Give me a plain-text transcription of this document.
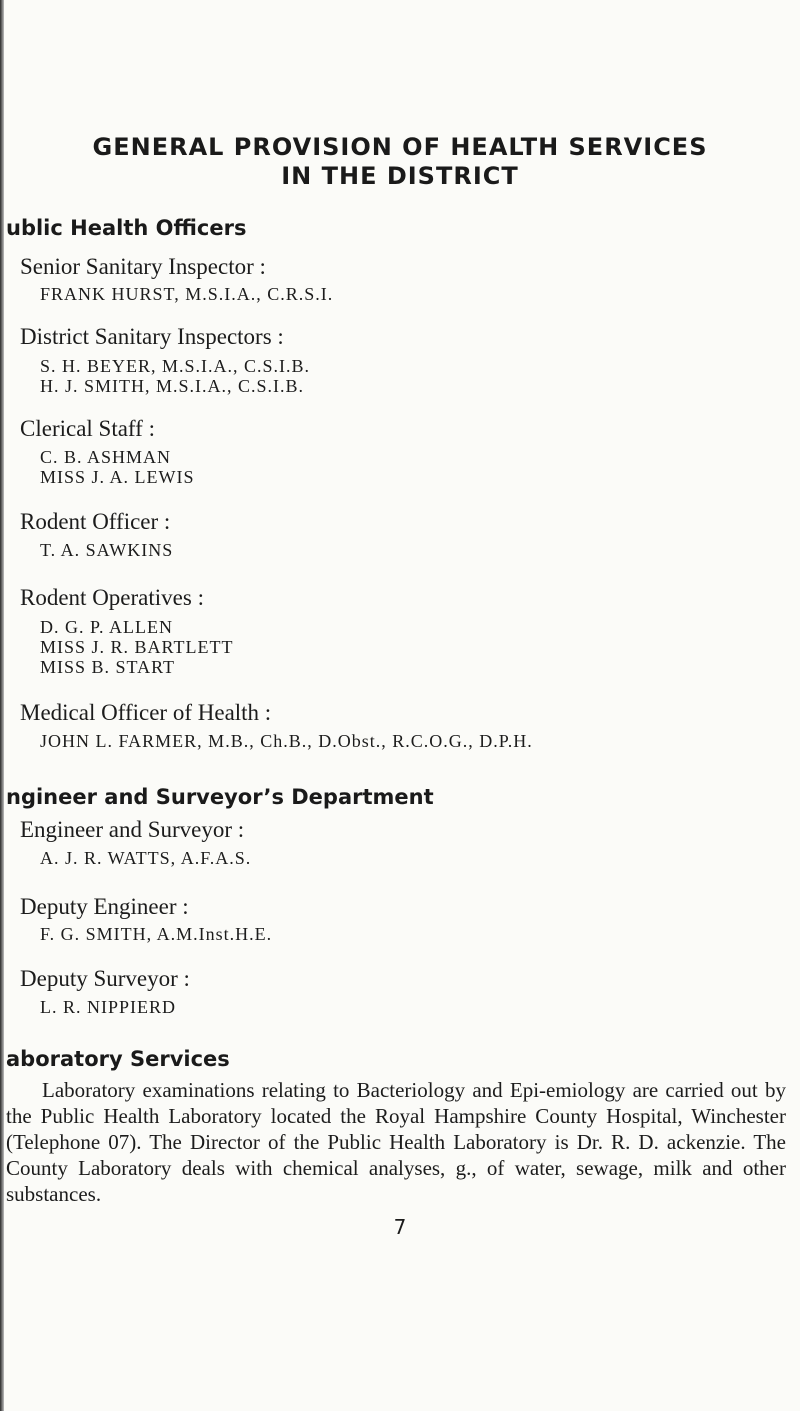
GENERAL PROVISION OF HEALTH SERVICES
IN THE DISTRICT
ublic Health Officers
Senior Sanitary Inspector :
FRANK HURST, M.S.I.A., C.R.S.I.
District Sanitary Inspectors :
S. H. BEYER, M.S.I.A., C.S.I.B.
H. J. SMITH, M.S.I.A., C.S.I.B.
Clerical Staff :
C. B. ASHMAN
MISS J. A. LEWIS
Rodent Officer :
T. A. SAWKINS
Rodent Operatives :
D. G. P. ALLEN
MISS J. R. BARTLETT
MISS B. START
Medical Officer of Health :
JOHN L. FARMER, M.B., Ch.B., D.Obst., R.C.O.G., D.P.H.
ngineer and Surveyor’s Department
Engineer and Surveyor :
A. J. R. WATTS, A.F.A.S.
Deputy Engineer :
F. G. SMITH, A.M.Inst.H.E.
Deputy Surveyor :
L. R. NIPPIERD
aboratory Services
Laboratory examinations relating to Bacteriology and Epi-emiology are carried out by the Public Health Laboratory located the Royal Hampshire County Hospital, Winchester (Telephone 07). The Director of the Public Health Laboratory is Dr. R. D. ackenzie. The County Laboratory deals with chemical analyses, g., of water, sewage, milk and other substances.
7
